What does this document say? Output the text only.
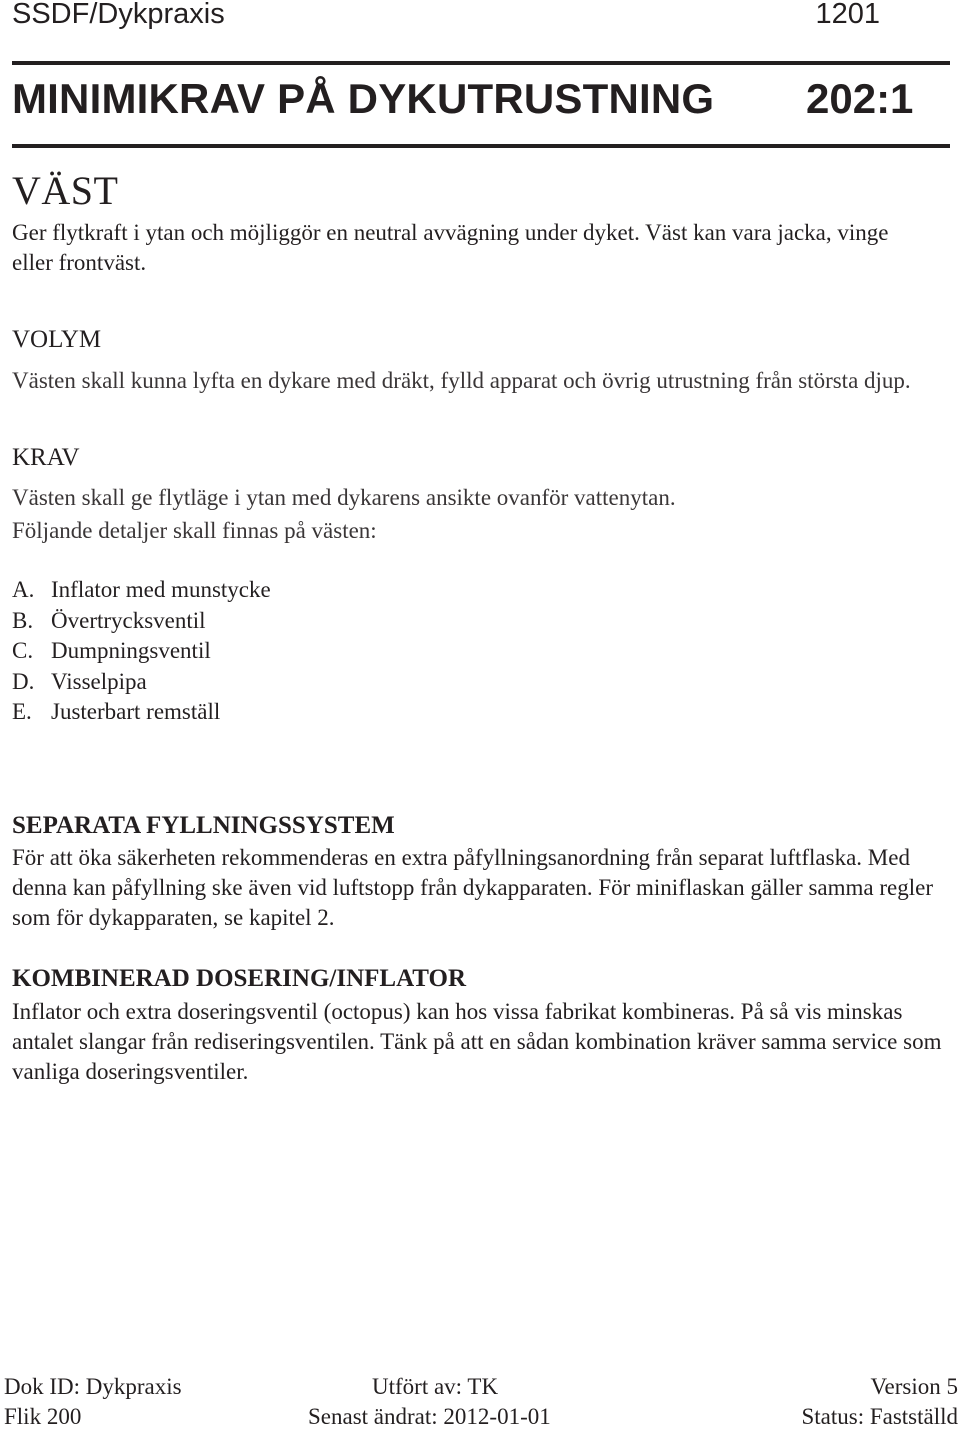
SSDF/Dykpraxis	1201
MINIMIKRAV PÅ DYKUTRUSTNING 202:1
VÄST

Ger flytkraft i ytan och möjliggör en neutral avvägning under dyket. Väst kan vara jacka, vinge eller frontväst.

VOLYM

Västen skall kunna lyfta en dykare med dräkt, fylld apparat och övrig utrustning från största djup.

KRAV

Västen skall ge flytläge i ytan med dykarens ansikte ovanför vattenytan.

Följande detaljer skall finnas på västen:

A. Inflator med munstycke
B. Övertrycksventil
C. Dumpningsventil
D. Visselpipa
E. Justerbart remställ
SEPARATA FYLLNINGSSYSTEM

För att öka säkerheten rekommenderas en extra påfyllningsanordning från separat luftflaska. Med denna kan påfyllning ske även vid luftstopp från dykapparaten. För miniflaskan gäller samma regler som för dykapparaten, se kapitel 2.

KOMBINERAD DOSERING/INFLATOR

Inflator och extra doseringsventil (octopus) kan hos vissa fabrikat kombineras. På så vis minskas antalet slangar från rediseringsventilen. Tänk på att en sådan kombination kräver samma service som vanliga doseringsventiler.

Dok ID: Dykpraxis
Flik 200
Utfört av: TK
Senast ändrat: 2012-01-01
Version 5
Status: Fastställd
